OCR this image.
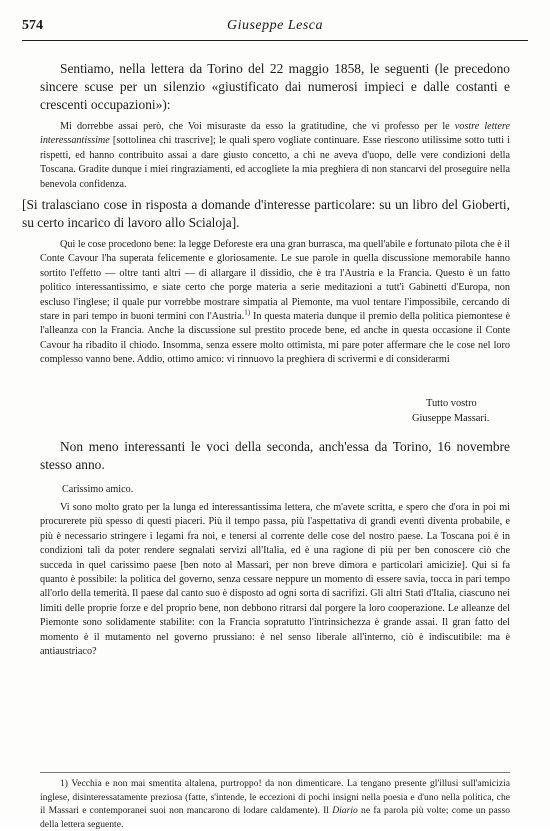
574	Giuseppe Lesca

Sentiamo, nella lettera da Torino del 22 maggio 1858, le seguenti (le precedono sincere scuse per un silenzio «giustificato dai numerosi impieci e dalle costanti e crescenti occupazioni»):

Mi dorrebbe assai però, che Voi misuraste da esso la gratitudine, che vi professo per le vostre lettere interessantissime [sottolinea chi trascrive]; le quali spero vogliate continuare. Esse riescono utilissime sotto tutti i rispetti, ed hanno contribuito assai a dare giusto concetto, a chi ne aveva d'uopo, delle vere condizioni della Toscana. Gradite dunque i miei ringraziamenti, ed accogliete la mia preghiera di non stancarvi del proseguire nella benevola confidenza.

[Si tralasciano cose in risposta a domande d'interesse particolare: su un libro del Gioberti, su certo incarico di lavoro allo Scialoja].

Qui le cose procedono bene: la legge Deforeste era una gran burrasca, ma quell'abile e fortunato pilota che è il Conte Cavour l'ha superata felicemente e gloriosamente. Le sue parole in quella discussione memorabile hanno sortito l'effetto — oltre tanti altri — di allargare il dissidio, che è tra l'Austria e la Francia. Questo è un fatto politico interessantissimo, e siate certo che porge materia a serie meditazioni a tutt'i Gabinetti d'Europa, non escluso l'inglese; il quale pur vorrebbe mostrare simpatia al Piemonte, ma vuol tentare l'impossibile, cercando di stare in pari tempo in buoni termini con l'Austria.$^{1)}$ In questa materia dunque il premio della politica piemontese è l'alleanza con la Francia. Anche la discussione sul prestito procede bene, ed anche in questa occasione il Conte Cavour ha ribadito il chiodo. Insomma, senza essere molto ottimista, mi pare poter affermare che le cose nel loro complesso vanno bene. Addio, ottimo amico: vi rinnuovo la preghiera di scrivermi e di considerarmi

Tutto vostro
Giuseppe Massari.

Non meno interessanti le voci della seconda, anch'essa da Torino, 16 novembre stesso anno.

Carissimo amico.

Vi sono molto grato per la lunga ed interessantissima lettera, che m'avete scritta, e spero che d'ora in poi mi procurerete più spesso di questi piaceri. Più il tempo passa, più l'aspettativa di grandi eventi diventa probabile, e più è necessario stringere i legami fra noi, e tenersi al corrente delle cose del nostro paese. La Toscana poi è in condizioni tali da poter rendere segnalati servizi all'Italia, ed è una ragione di più per ben conoscere ciò che succeda in quel carissimo paese [ben noto al Massari, per non breve dimora e particolari amicizie]. Qui si fa quanto è possibile: la politica del governo, senza cessare neppure un momento di essere savia, tocca in pari tempo all'orlo della temerità. Il paese dal canto suo è disposto ad ogni sorta di sacrifizi. Gli altri Stati d'Italia, ciascuno nei limiti delle proprie forze e del proprio bene, non debbono ritrarsi dal porgere la loro cooperazione. Le alleanze del Piemonte sono solidamente stabilite: con la Francia sopratutto l'intrinsichezza è grande assai. Il gran fatto del momento è il mutamento nel governo prussiano: è nel senso liberale all'interno, ciò è indiscutibile: ma è antiaustriaco?

1) Vecchia e non mai smentita altalena, purtroppo! da non dimenticare. La tengano presente gl'illusi sull'amicizia inglese, disinteressatamente preziosa (fatte, s'intende, le eccezioni di pochi insigni nella poesia e d'uno nella politica, che il Massari e contemporanei suoi non mancarono di lodare caldamente). Il Diario ne fa parola più volte; come un passo della lettera seguente.
